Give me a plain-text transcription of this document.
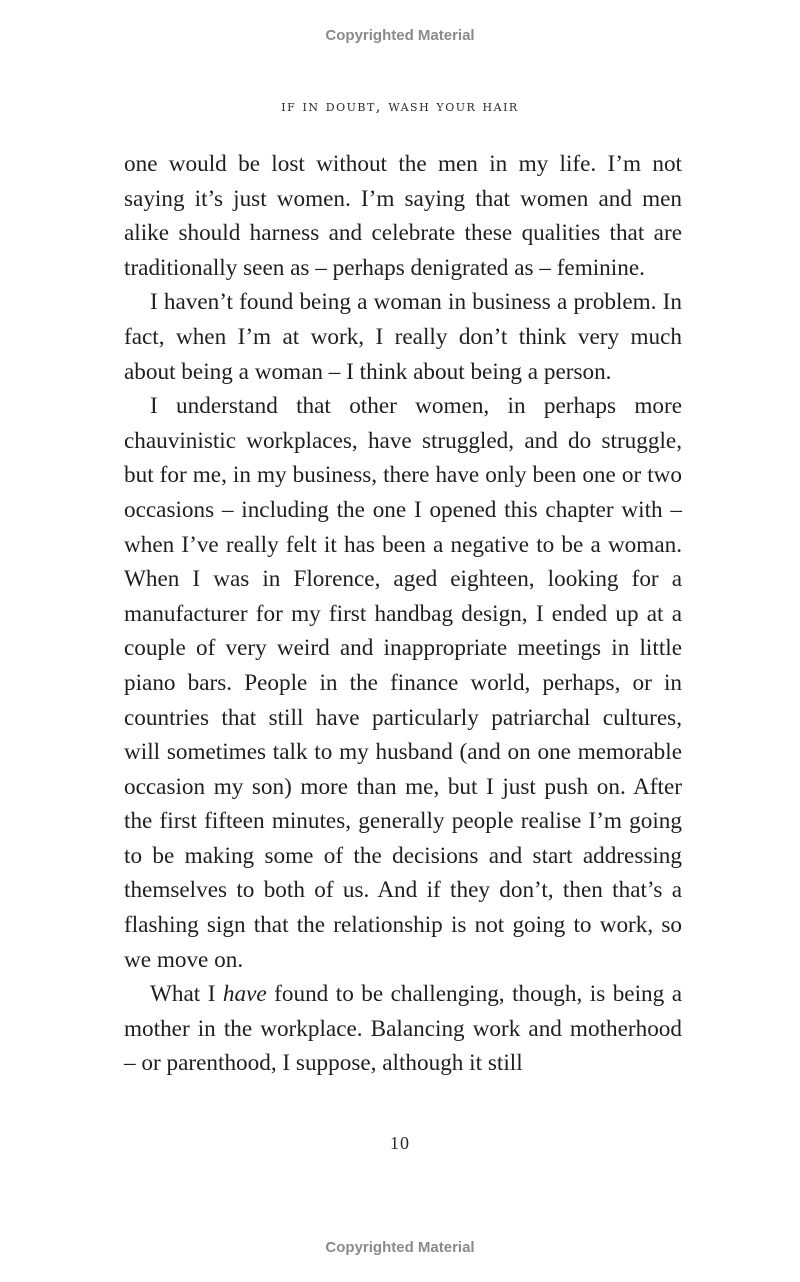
Copyrighted Material
if in doubt, wash your hair

one would be lost without the men in my life. I’m not saying it’s just women. I’m saying that women and men alike should harness and celebrate these qualities that are traditionally seen as – perhaps denigrated as – feminine.

I haven’t found being a woman in business a problem. In fact, when I’m at work, I really don’t think very much about being a woman – I think about being a person.

I understand that other women, in perhaps more chauvinistic workplaces, have struggled, and do struggle, but for me, in my business, there have only been one or two occasions – including the one I opened this chapter with – when I’ve really felt it has been a negative to be a woman. When I was in Florence, aged eighteen, looking for a manufacturer for my first handbag design, I ended up at a couple of very weird and inappropriate meetings in little piano bars. People in the finance world, perhaps, or in countries that still have particularly patriarchal cultures, will sometimes talk to my husband (and on one memorable occasion my son) more than me, but I just push on. After the first fifteen minutes, generally people realise I’m going to be making some of the decisions and start addressing themselves to both of us. And if they don’t, then that’s a flashing sign that the relationship is not going to work, so we move on.

What I have found to be challenging, though, is being a mother in the workplace. Balancing work and motherhood – or parenthood, I suppose, although it still

10
Copyrighted Material
